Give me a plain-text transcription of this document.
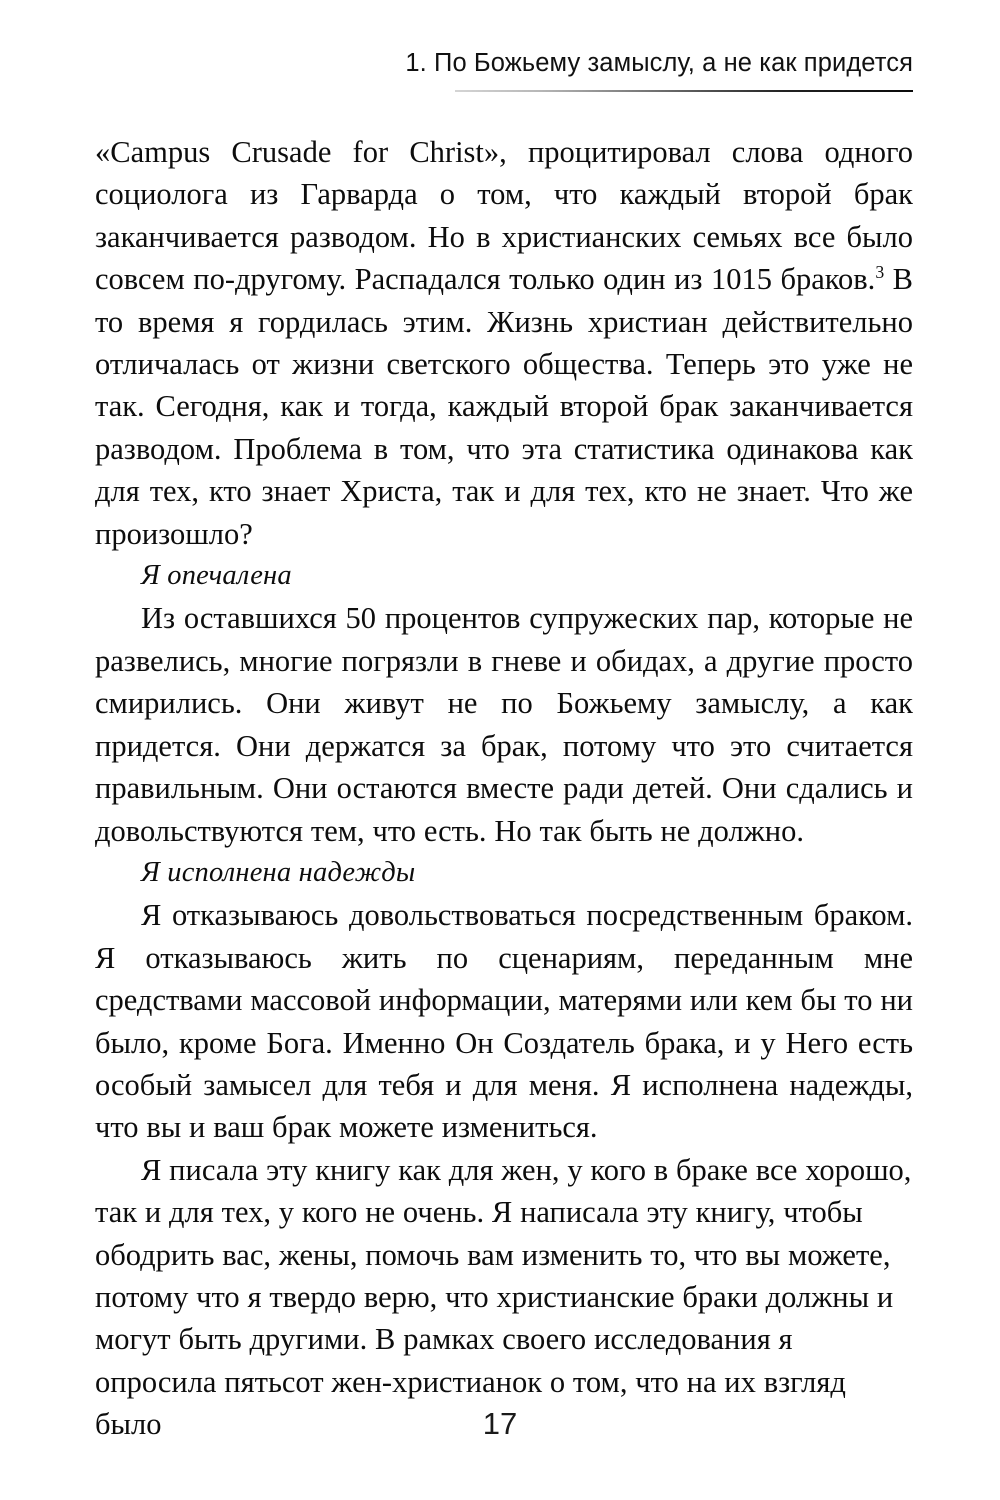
1. По Божьему замыслу, а не как придется

«Campus Crusade for Christ», процитировал слова одного социолога из Гарварда о том, что каждый второй брак заканчивается разводом. Но в христианских семьях все было совсем по-другому. Распадался только один из 1015 браков.$^3$ В то время я гордилась этим. Жизнь христиан действительно отличалась от жизни светского общества. Теперь это уже не так. Сегодня, как и тогда, каждый второй брак заканчивается разводом. Проблема в том, что эта статистика одинакова как для тех, кто знает Христа, так и для тех, кто не знает. Что же произошло?

Я опечалена

Из оставшихся 50 процентов супружеских пар, которые не развелись, многие погрязли в гневе и обидах, а другие просто смирились. Они живут не по Божьему замыслу, а как придется. Они держатся за брак, потому что это считается правильным. Они остаются вместе ради детей. Они сдались и довольствуются тем, что есть. Но так быть не должно.

Я исполнена надежды

Я отказываюсь довольствоваться посредственным браком. Я отказываюсь жить по сценариям, переданным мне средствами массовой информации, матерями или кем бы то ни было, кроме Бога. Именно Он Создатель брака, и у Него есть особый замысел для тебя и для меня. Я исполнена надежды, что вы и ваш брак можете измениться.

Я писала эту книгу как для жен, у кого в браке все хорошо, так и для тех, у кого не очень. Я написала эту книгу, чтобы ободрить вас, жены, помочь вам изменить то, что вы можете, потому что я твердо верю, что христианские браки должны и могут быть другими. В рамках своего исследования я опросила пятьсот жен-христианок о том, что на их взгляд было	17
